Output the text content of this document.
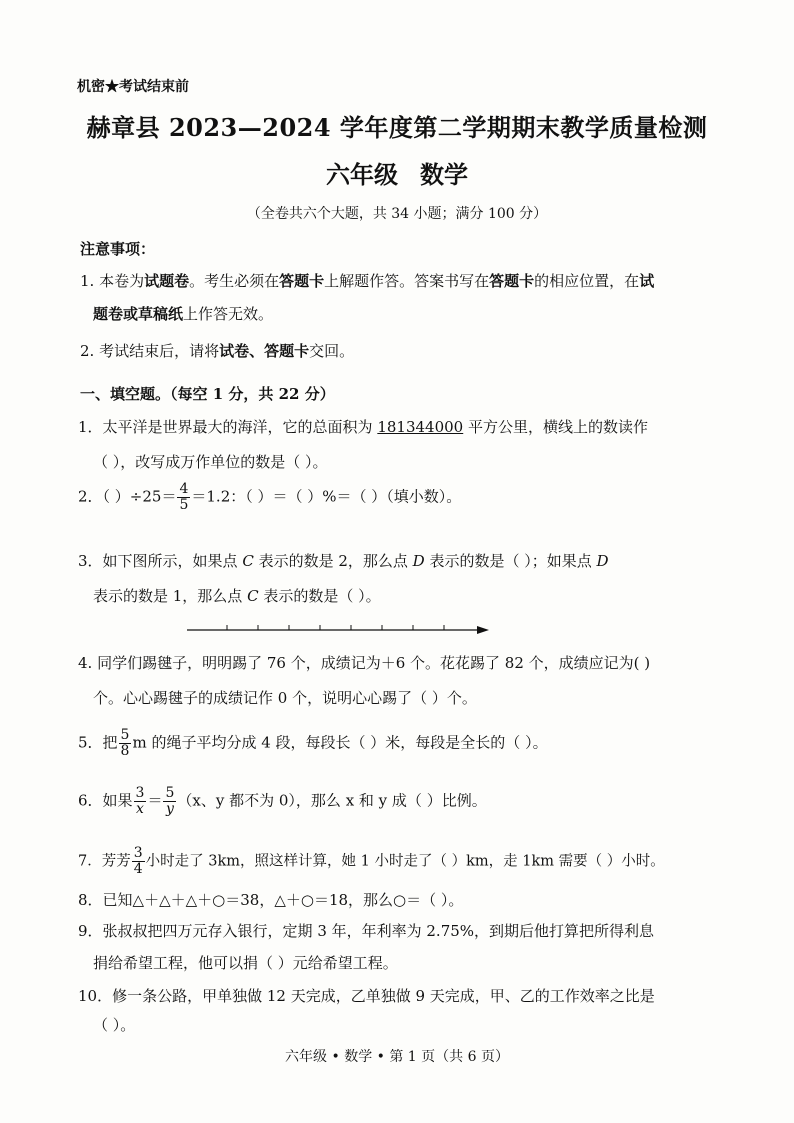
机密★考试结束前
赫章县 2023—2024 学年度第二学期期末教学质量检测
六年级 数学
（全卷共六个大题，共 34 小题；满分 100 分）
注意事项：
1. 本卷为试题卷。考生必须在答题卡上解题作答。答案书写在答题卡的相应位置，在试
题卷或草稿纸上作答无效。
2. 考试结束后，请将试卷、答题卡交回。
一、填空题。（每空 1 分，共 22 分）
1．太平洋是世界最大的海洋，它的总面积为 181344000 平方公里，横线上的数读作
（ ），改写成万作单位的数是（ ）。
2．（ ）$\div 25= \frac{4}{5} =1.2$：（ ）＝（ ）%＝（ ）（填小数）。
3．如下图所示，如果点 C 表示的数是 2，那么点 D 表示的数是（ ）；如果点 D
表示的数是 1，那么点 C 表示的数是（ ）。
4. 同学们踢毽子，明明踢了 76 个，成绩记为＋6 个。花花踢了 82 个，成绩应记为( )
个。心心踢毽子的成绩记作 0 个，说明心心踢了（ ）个。
5．把 $\frac{5}{8}$ m 的绳子平均分成 4 段，每段长（ ）米，每段是全长的（ ）。
6．如果 $\frac{3}{x} = \frac{5}{y} (x$、y 都不为 0），那么 x 和 y 成（ ）比例。
7．芳芳 $\frac{3}{4}$ 小时走了 3km，照这样计算，她 1 小时走了（ ）km，走 1km 需要（ ）小时。
8．已知△＋△＋△＋○＝38，△＋○＝18，那么○＝（ ）。
9．张叔叔把四万元存入银行，定期 3 年，年利率为 2.75%，到期后他打算把所得利息
捐给希望工程，他可以捐（ ）元给希望工程。
10．修一条公路，甲单独做 12 天完成，乙单独做 9 天完成，甲、乙的工作效率之比是
（ ）。
六年级 • 数学 • 第 1 页（共 6 页）
